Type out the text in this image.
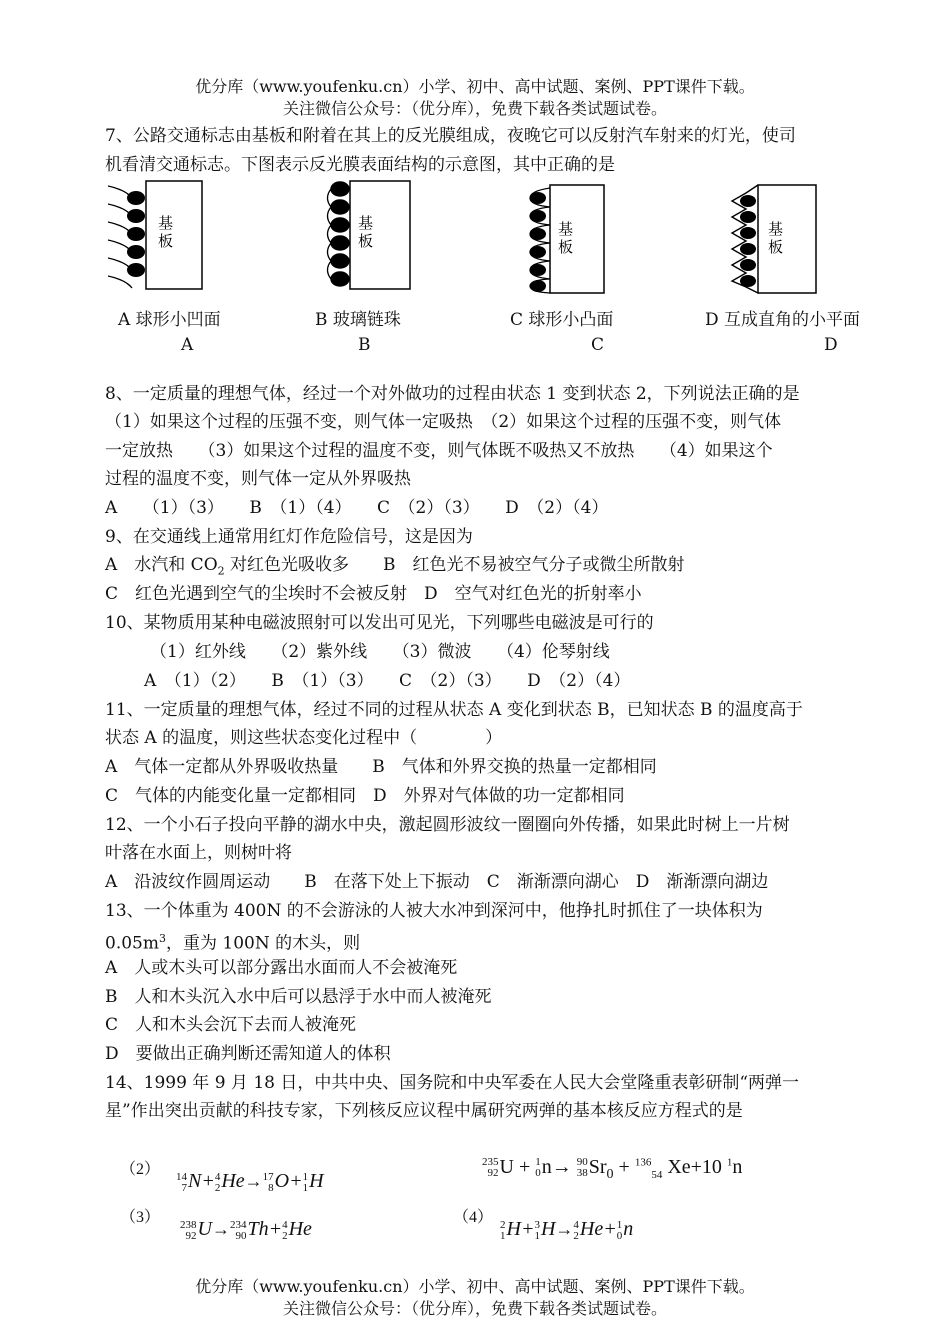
优分库（www.youfenku.cn）小学、初中、高中试题、案例、PPT课件下载。
关注微信公众号：（优分库），免费下载各类试题试卷。
7、公路交通标志由基板和附着在其上的反光膜组成，夜晚它可以反射汽车射来的灯光，使司
机看清交通标志。下图表示反光膜表面结构的示意图，其中正确的是
基
板
基
板
基
板
基
板
A 球形小凹面	B 玻璃链珠	C 球形小凸面	D 互成直角的小平面
A	B	C	D
8、一定质量的理想气体，经过一个对外做功的过程由状态 1 变到状态 2，下列说法正确的是
（1）如果这个过程的压强不变，则气体一定吸热　（2）如果这个过程的压强不变，则气体
一定放热　　（3）如果这个过程的温度不变，则气体既不吸热又不放热　　（4）如果这个
过程的温度不变，则气体一定从外界吸热
A　　（1）（3）　　B　（1）（4）　　C　（2）（3）　　D　（2）（4）
9、在交通线上通常用红灯作危险信号，这是因为
A　水汽和 $CO_2$ 对红色光吸收多　　B　红色光不易被空气分子或微尘所散射
C　红色光遇到空气的尘埃时不会被反射　D　空气对红色光的折射率小
10、某物质用某种电磁波照射可以发出可见光，下列哪些电磁波是可行的
（1）红外线　　（2）紫外线　　（3）微波　　（4）伦琴射线
A　（1）（2）　　B　（1）（3）　　C　（2）（3）　　D　（2）（4）
11、一定质量的理想气体，经过不同的过程从状态 A 变化到状态 B，已知状态 B 的温度高于
状态 A 的温度，则这些状态变化过程中（　　　　）
A　气体一定都从外界吸收热量　　B　气体和外界交换的热量一定都相同
C　气体的内能变化量一定都相同　D　外界对气体做的功一定都相同
12、一个小石子投向平静的湖水中央，激起圆形波纹一圈圈向外传播，如果此时树上一片树
叶落在水面上，则树叶将
A　沿波纹作圆周运动　　B　在落下处上下振动　C　渐渐漂向湖心　D　渐渐漂向湖边
13、一个体重为 400N 的不会游泳的人被大水冲到深河中，他挣扎时抓住了一块体积为
$0.05m^3$，重为 100N 的木头，则
A　人或木头可以部分露出水面而人不会被淹死
B　人和木头沉入水中后可以悬浮于水中而人被淹死
C　人和木头会沉下去而人被淹死
D　要做出正确判断还需知道人的体积
14、1999 年 9 月 18 日，中共中央、国务院和中央军委在人民大会堂隆重表彰研制“两弹一
星”作出突出贡献的科技专家，下列核反应议程中属研究两弹的基本核反应方程式的是
（2）
（3）	（4）
14
7 N+ 4
2 He→ 17
8 O+ 1
1 H
235
92 U + 1
0 n→ 90
38 $Sr_0 + ^{136}_{54}$ Xe+10 $^1$n
238
92 U→ 234
90 Th+ 4
2 He	2
1 H+ 3
1 H→ 4
2 He+ 1
0 n
优分库（www.youfenku.cn）小学、初中、高中试题、案例、PPT课件下载。
关注微信公众号：（优分库），免费下载各类试题试卷。
